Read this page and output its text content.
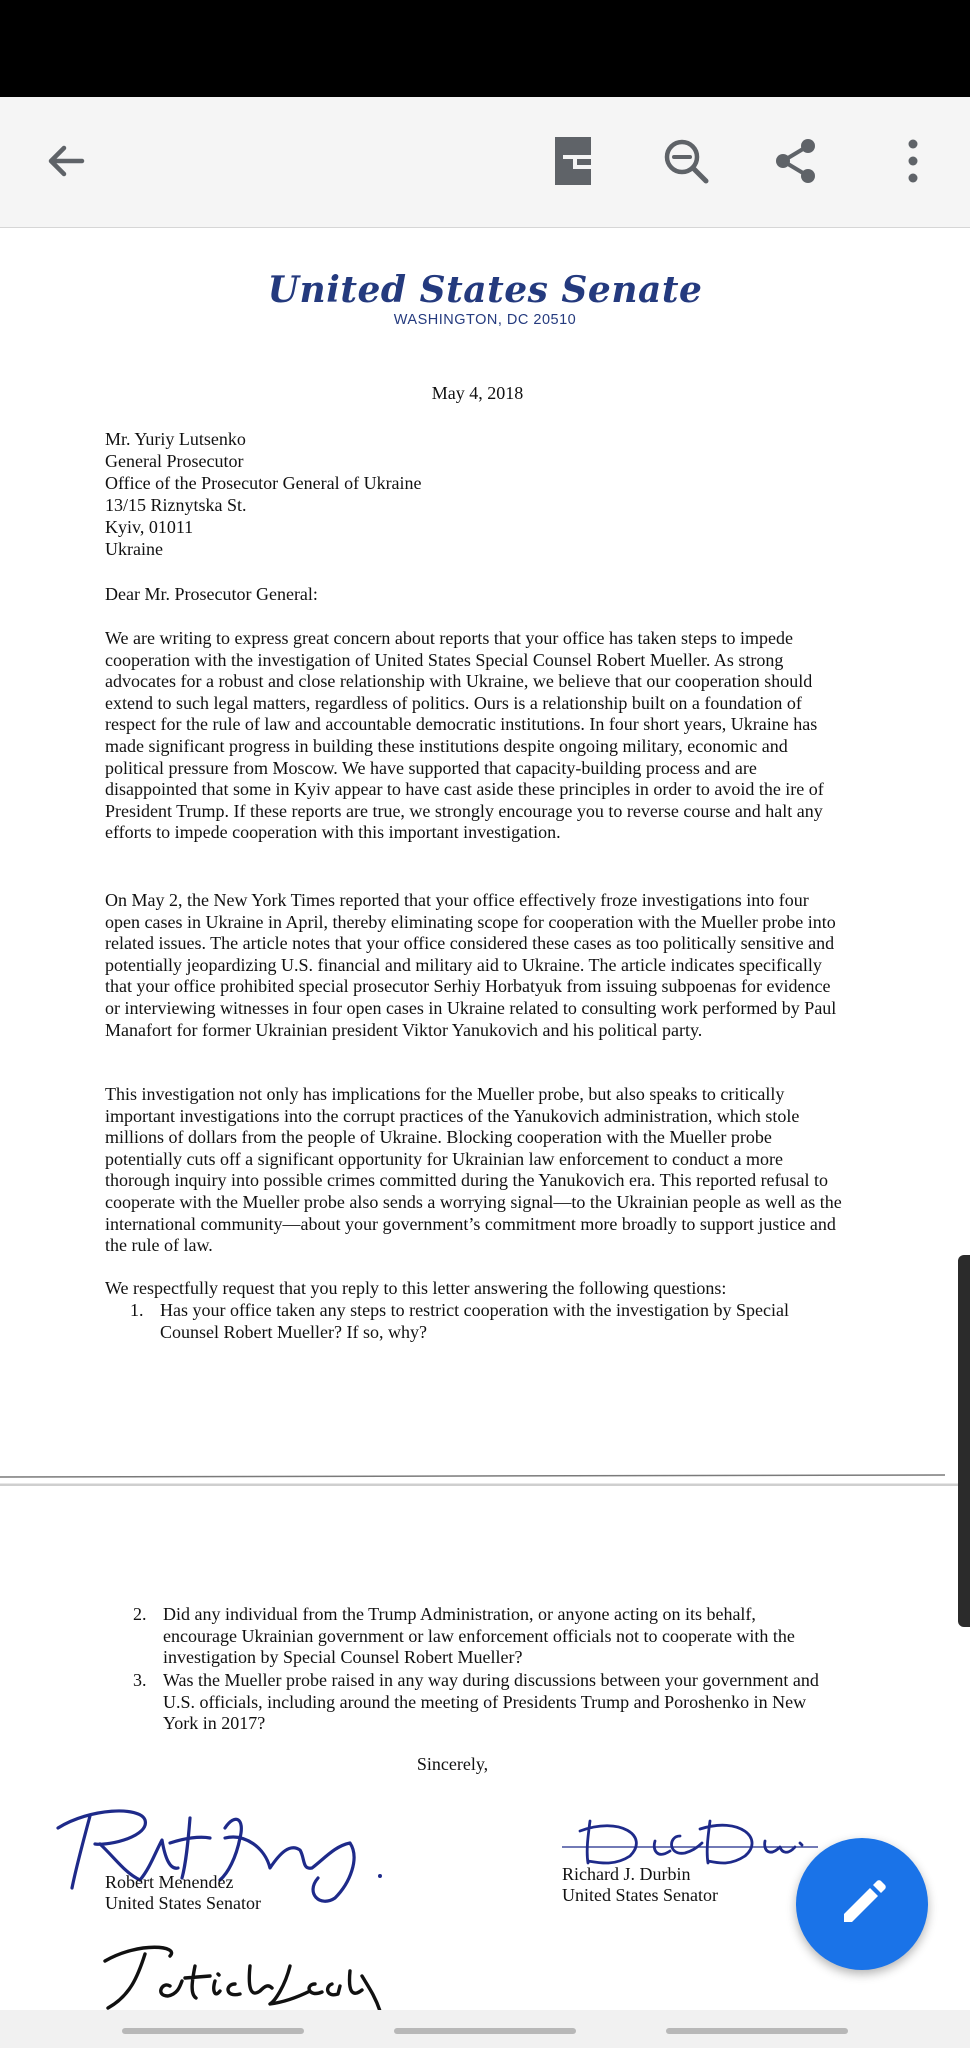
United States Senate
WASHINGTON, DC 20510
May 4, 2018
Mr. Yuriy Lutsenko
General Prosecutor
Office of the Prosecutor General of Ukraine
13/15 Riznytska St.
Kyiv, 01011
Ukraine
Dear Mr. Prosecutor General:
We are writing to express great concern about reports that your office has taken steps to impede cooperation with the investigation of United States Special Counsel Robert Mueller. As strong advocates for a robust and close relationship with Ukraine, we believe that our cooperation should extend to such legal matters, regardless of politics. Ours is a relationship built on a foundation of respect for the rule of law and accountable democratic institutions. In four short years, Ukraine has made significant progress in building these institutions despite ongoing military, economic and political pressure from Moscow. We have supported that capacity-building process and are disappointed that some in Kyiv appear to have cast aside these principles in order to avoid the ire of President Trump. If these reports are true, we strongly encourage you to reverse course and halt any efforts to impede cooperation with this important investigation.
On May 2, the New York Times reported that your office effectively froze investigations into four open cases in Ukraine in April, thereby eliminating scope for cooperation with the Mueller probe into related issues. The article notes that your office considered these cases as too politically sensitive and potentially jeopardizing U.S. financial and military aid to Ukraine. The article indicates specifically that your office prohibited special prosecutor Serhiy Horbatyuk from issuing subpoenas for evidence or interviewing witnesses in four open cases in Ukraine related to consulting work performed by Paul Manafort for former Ukrainian president Viktor Yanukovich and his political party.
This investigation not only has implications for the Mueller probe, but also speaks to critically important investigations into the corrupt practices of the Yanukovich administration, which stole millions of dollars from the people of Ukraine. Blocking cooperation with the Mueller probe potentially cuts off a significant opportunity for Ukrainian law enforcement to conduct a more thorough inquiry into possible crimes committed during the Yanukovich era. This reported refusal to cooperate with the Mueller probe also sends a worrying signal—to the Ukrainian people as well as the international community—about your government’s commitment more broadly to support justice and the rule of law.
We respectfully request that you reply to this letter answering the following questions:
1. Has your office taken any steps to restrict cooperation with the investigation by Special Counsel Robert Mueller? If so, why?
2. Did any individual from the Trump Administration, or anyone acting on its behalf, encourage Ukrainian government or law enforcement officials not to cooperate with the investigation by Special Counsel Robert Mueller?
3. Was the Mueller probe raised in any way during discussions between your government and U.S. officials, including around the meeting of Presidents Trump and Poroshenko in New York in 2017?
Sincerely,
Robert Menendez
United States Senator
Richard J. Durbin
United States Senator
